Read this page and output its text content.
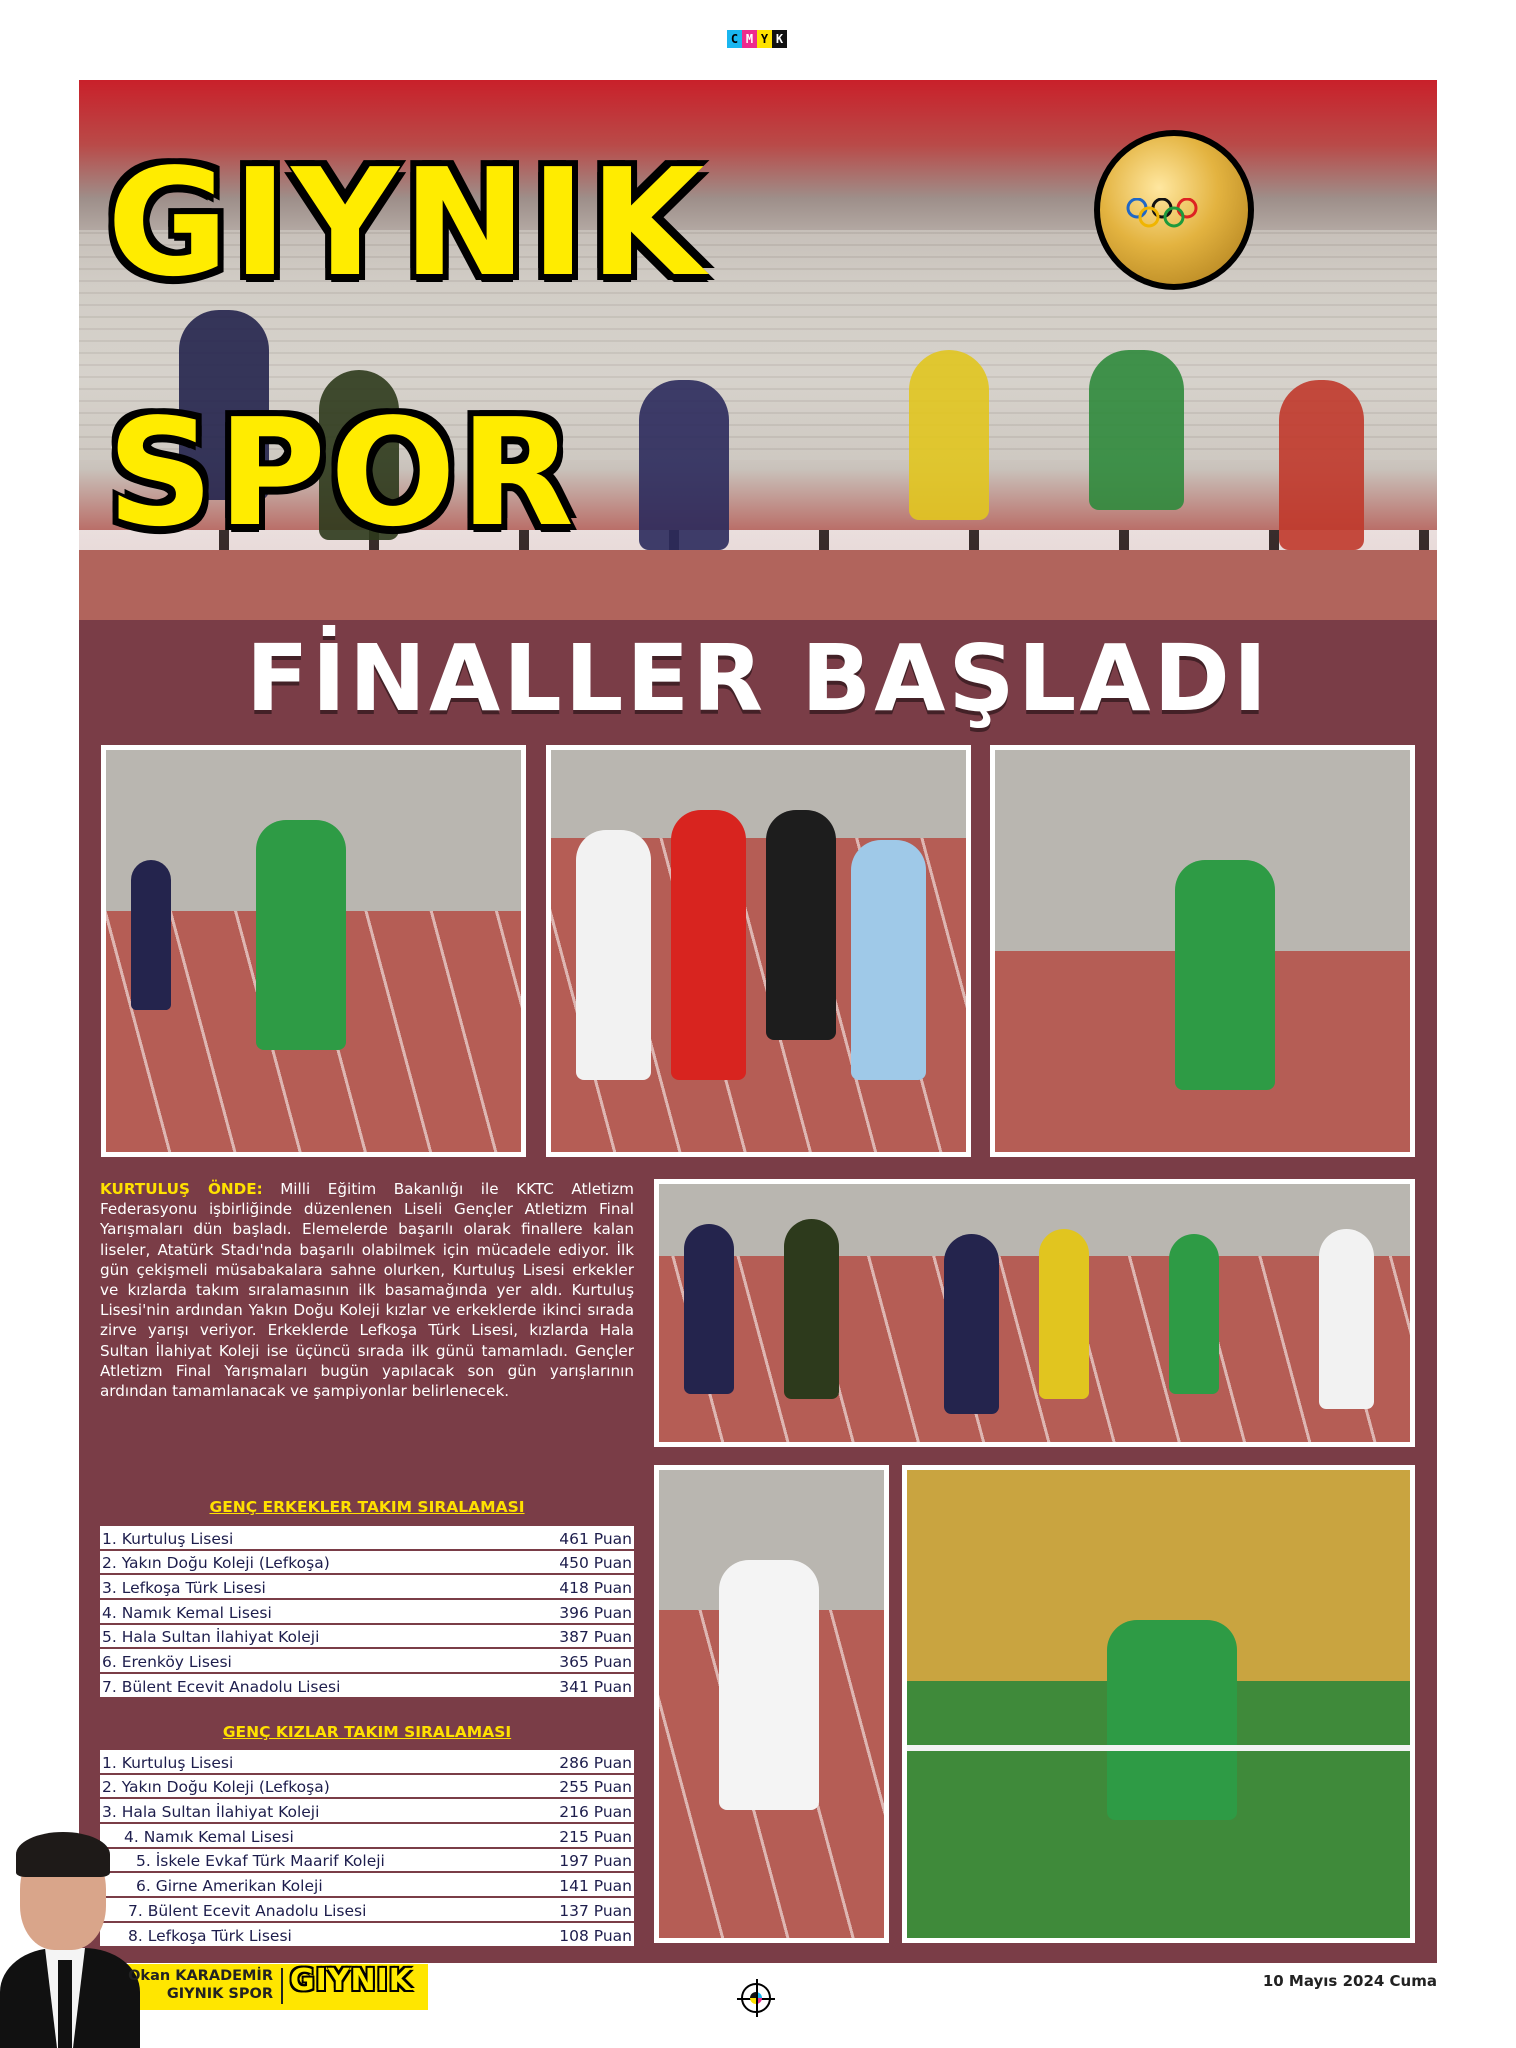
C M Y K
GIYNIK SPOR
FİNALLER BAŞLADI
KURTULUŞ ÖNDE: Milli Eğitim Bakanlığı ile KKTC Atletizm Federasyonu işbirliğinde düzenlenen Liseli Gençler Atletizm Final Yarışmaları dün başladı. Elemelerde başarılı olarak finallere kalan liseler, Atatürk Stadı'nda başarılı olabilmek için mücadele ediyor. İlk gün çekişmeli müsabakalara sahne olurken, Kurtuluş Lisesi erkekler ve kızlarda takım sıralamasının ilk basamağında yer aldı. Kurtuluş Lisesi'nin ardından Yakın Doğu Koleji kızlar ve erkeklerde ikinci sırada zirve yarışı veriyor. Erkeklerde Lefkoşa Türk Lisesi, kızlarda Hala Sultan İlahiyat Koleji ise üçüncü sırada ilk günü tamamladı. Gençler Atletizm Final Yarışmaları bugün yapılacak son gün yarışlarının ardından tamamlanacak ve şampiyonlar belirlenecek.
GENÇ ERKEKLER TAKIM SIRALAMASI
1. Kurtuluş Lisesi	461 Puan
2. Yakın Doğu Koleji (Lefkoşa)	450 Puan
3. Lefkoşa Türk Lisesi	418 Puan
4. Namık Kemal Lisesi	396 Puan
5. Hala Sultan İlahiyat Koleji	387 Puan
6. Erenköy Lisesi	365 Puan
7. Bülent Ecevit Anadolu Lisesi	341 Puan
GENÇ KIZLAR TAKIM SIRALAMASI
1. Kurtuluş Lisesi	286 Puan
2. Yakın Doğu Koleji (Lefkoşa)	255 Puan
3. Hala Sultan İlahiyat Koleji	216 Puan
4. Namık Kemal Lisesi	215 Puan
5. İskele Evkaf Türk Maarif Koleji	197 Puan
6. Girne Amerikan Koleji	141 Puan
7. Bülent Ecevit Anadolu Lisesi	137 Puan
8. Lefkoşa Türk Lisesi	108 Puan
Okan KARADEMİR
GIYNIK SPOR GIYNIK	10 Mayıs 2024 Cuma
